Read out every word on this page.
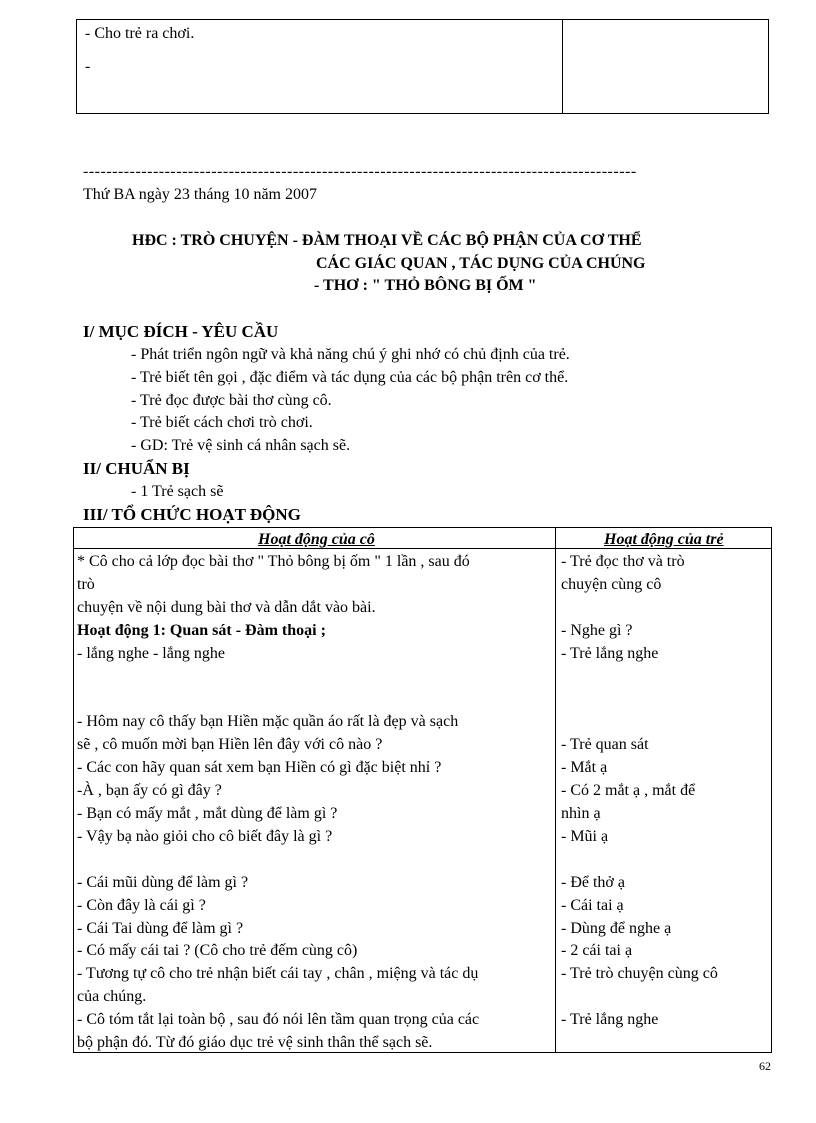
- Cho trẻ ra chơi.
-
-----------------------------------------------------------------------------------------------
Thứ BA ngày 23 tháng 10 năm 2007
HĐC : TRÒ CHUYỆN - ĐÀM THOẠI VỀ CÁC BỘ PHẬN CỦA CƠ THỂ
CÁC GIÁC QUAN , TÁC DỤNG CỦA CHÚNG
- THƠ : " THỎ BÔNG BỊ ỐM "
I/ MỤC ĐÍCH - YÊU CẦU
- Phát triển ngôn ngữ và khả năng chú ý ghi nhớ có chủ định của trẻ.
- Trẻ biết tên gọi , đặc điểm và tác dụng của các bộ phận trên cơ thể.
- Trẻ đọc được bài thơ cùng cô.
- Trẻ biết cách chơi trò chơi.
- GD: Trẻ vệ sinh cá nhân sạch sẽ.
II/ CHUẨN BỊ
- 1 Trẻ sạch sẽ
III/ TỔ CHỨC HOẠT ĐỘNG
Hoạt động của cô	Hoạt động của trẻ
* Cô cho cả lớp đọc bài thơ " Thỏ bông bị ốm " 1 lần , sau đó
trò
chuyện về nội dung bài thơ và dẫn dắt vào bài.
Hoạt động 1: Quan sát - Đàm thoại ;
- lắng nghe - lắng nghe
- Hôm nay cô thấy bạn Hiền mặc quần áo rất là đẹp và sạch
sẽ , cô muốn mời bạn Hiền lên đây với cô nào ?
- Các con hãy quan sát xem bạn Hiền có gì đặc biệt nhỉ ?
-À , bạn ấy có gì đây ?
- Bạn có mấy mắt , mắt dùng để làm gì ?
- Vậy bạ nào giỏi cho cô biết đây là gì ?
- Cái mũi dùng để làm gì ?
- Còn đây là cái gì ?
- Cái Tai dùng để làm gì ?
- Có mấy cái tai ? (Cô cho trẻ đếm cùng cô)
- Tương tự cô cho trẻ nhận biết cái tay , chân , miệng và tác dụ
của chúng.
- Cô tóm tắt lại toàn bộ , sau đó nói lên tầm quan trọng của các
bộ phận đó. Từ đó giáo dục trẻ vệ sinh thân thể sạch sẽ.
- Trẻ đọc thơ và trò
chuyện cùng cô
- Nghe gì ?
- Trẻ lắng nghe
- Trẻ quan sát
- Mắt ạ
- Có 2 mắt ạ , mắt để
nhìn ạ
- Mũi ạ
- Để thở ạ
- Cái tai ạ
- Dùng để nghe ạ
- 2 cái tai ạ
- Trẻ trò chuyện cùng cô
- Trẻ lắng nghe
62
